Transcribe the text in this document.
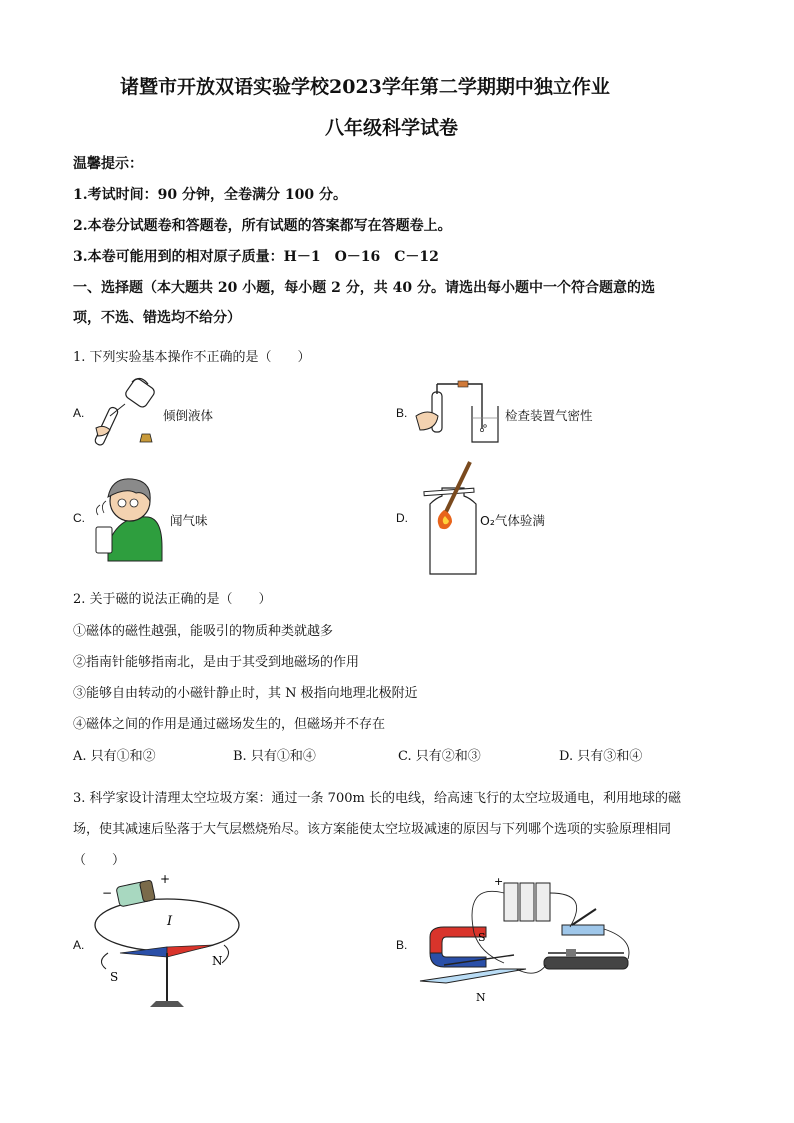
诸暨市开放双语实验学校2023学年第二学期期中独立作业
八年级科学试卷
温馨提示：
1.考试时间：90 分钟，全卷满分 100 分。
2.本卷分试题卷和答题卷，所有试题的答案都写在答题卷上。
3.本卷可能用到的相对原子质量：H－1　O－16　C－12
一、选择题（本大题共 20 小题，每小题 2 分，共 40 分。请选出每小题中一个符合题意的选
项，不选、错选均不给分）
1. 下列实验基本操作不正确的是（　　）
A.	倾倒液体	B.	检查装置气密性
C.	闻气味	D.	O₂气体验满
2. 关于磁的说法正确的是（　　）
①磁体的磁性越强，能吸引的物质种类就越多
②指南针能够指南北，是由于其受到地磁场的作用
③能够自由转动的小磁针静止时，其 N 极指向地理北极附近
④磁体之间的作用是通过磁场发生的，但磁场并不存在
A. 只有①和②	B. 只有①和④	C. 只有②和③	D. 只有③和④
3. 科学家设计清理太空垃圾方案：通过一条 700m 长的电线，给高速飞行的太空垃圾通电，利用地球的磁
场，使其减速后坠落于大气层燃烧殆尽。该方案能使太空垃圾减速的原因与下列哪个选项的实验原理相同
（　　）
A.
−
+
I
S
N
B.
+
S
N
